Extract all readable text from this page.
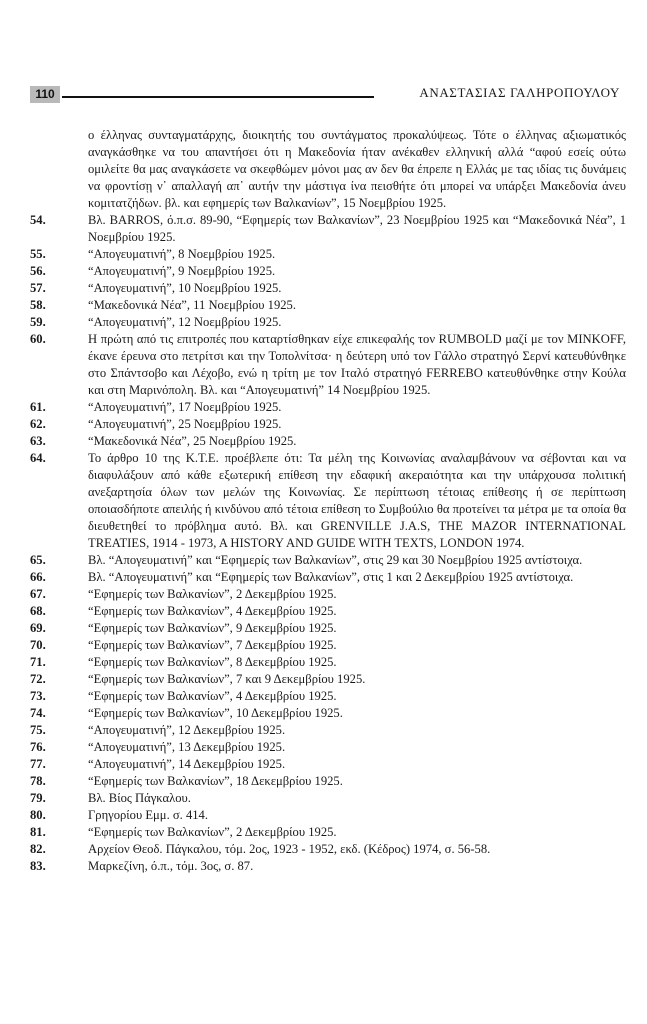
110	ΑΝΑΣΤΑΣΙΑΣ ΓΑΛΗΡΟΠΟΥΛΟΥ
ο έλληνας συνταγματάρχης, διοικητής του συντάγματος προκαλύψεως. Τότε ο έλληνας αξιωματικός αναγκάσθηκε να του απαντήσει ότι η Μακεδονία ήταν ανέκαθεν ελληνική αλλά “αφού εσείς ούτω ομιλείτε θα μας αναγκάσετε να σκεφθώμεν μόνοι μας αν δεν θα έπρεπε η Ελλάς με τας ιδίας τις δυνάμεις να φροντίσῃ ν᾽ απαλλαγή απ᾽ αυτήν την μάστιγα ίνα πεισθήτε ότι μπορεί να υπάρξει Μακεδονία άνευ κομιτατζήδων. βλ. και εφημερίς των Βαλκανίων”, 15 Νοεμβρίου 1925.
54.	Βλ. BARROS, ό.π.σ. 89-90, “Εφημερίς των Βαλκανίων”, 23 Νοεμβρίου 1925 και “Μακεδονικά Νέα”, 1 Νοεμβρίου 1925.
55.	“Απογευματινή”, 8 Νοεμβρίου 1925.
56.	“Απογευματινή”, 9 Νοεμβρίου 1925.
57.	“Απογευματινή”, 10 Νοεμβρίου 1925.
58.	“Μακεδονικά Νέα”, 11 Νοεμβρίου 1925.
59.	“Απογευματινή”, 12 Νοεμβρίου 1925.
60.	Η πρώτη από τις επιτροπές που καταρτίσθηκαν είχε επικεφαλής τον RUMBOLD μαζί με τον MINKOFF, έκανε έρευνα στο πετρίτσι και την Τοπολνίτσα· η δεύτερη υπό τον Γάλλο στρατηγό Σερνί κατευθύνθηκε στο Σπάντσοβο και Λέχοβο, ενώ η τρίτη με τον Ιταλό στρατηγό FERREBO κατευθύνθηκε στην Κούλα και στη Μαρινόπολη. Βλ. και “Απογευματινή” 14 Νοεμβρίου 1925.
61.	“Απογευματινή”, 17 Νοεμβρίου 1925.
62.	“Απογευματινή”, 25 Νοεμβρίου 1925.
63.	“Μακεδονικά Νέα”, 25 Νοεμβρίου 1925.
64.	Το άρθρο 10 της Κ.Τ.Ε. προέβλεπε ότι: Τα μέλη της Κοινωνίας αναλαμβάνουν να σέβονται και να διαφυλάξουν από κάθε εξωτερική επίθεση την εδαφική ακεραιότητα και την υπάρχουσα πολιτική ανεξαρτησία όλων των μελών της Κοινωνίας. Σε περίπτωση τέτοιας επίθεσης ή σε περίπτωση οποιασδήποτε απειλής ή κινδύνου από τέτοια επίθεση το Συμβούλιο θα προτείνει τα μέτρα με τα οποία θα διευθετηθεί το πρόβλημα αυτό. Βλ. και GRENVILLE J.A.S, THE MAZOR INTERNATIONAL TREATIES, 1914 - 1973, A HISTORY AND GUIDE WITH TEXTS, LONDON 1974.
65.	Βλ. “Απογευματινή” και “Εφημερίς των Βαλκανίων”, στις 29 και 30 Νοεμβρίου 1925 αντίστοιχα.
66.	Βλ. “Απογευματινή” και “Εφημερίς των Βαλκανίων”, στις 1 και 2 Δεκεμβρίου 1925 αντίστοιχα.
67.	“Εφημερίς των Βαλκανίων”, 2 Δεκεμβρίου 1925.
68.	“Εφημερίς των Βαλκανίων”, 4 Δεκεμβρίου 1925.
69.	“Εφημερίς των Βαλκανίων”, 9 Δεκεμβρίου 1925.
70.	“Εφημερίς των Βαλκανίων”, 7 Δεκεμβρίου 1925.
71.	“Εφημερίς των Βαλκανίων”, 8 Δεκεμβρίου 1925.
72.	“Εφημερίς των Βαλκανίων”, 7 και 9 Δεκεμβρίου 1925.
73.	“Εφημερίς των Βαλκανίων”, 4 Δεκεμβρίου 1925.
74.	“Εφημερίς των Βαλκανίων”, 10 Δεκεμβρίου 1925.
75.	“Απογευματινή”, 12 Δεκεμβρίου 1925.
76.	“Απογευματινή”, 13 Δεκεμβρίου 1925.
77.	“Απογευματινή”, 14 Δεκεμβρίου 1925.
78.	“Εφημερίς των Βαλκανίων”, 18 Δεκεμβρίου 1925.
79.	Βλ. Βίος Πάγκαλου.
80.	Γρηγορίου Εμμ. σ. 414.
81.	“Εφημερίς των Βαλκανίων”, 2 Δεκεμβρίου 1925.
82.	Αρχείον Θεοδ. Πάγκαλου, τόμ. 2ος, 1923 - 1952, εκδ. (Κέδρος) 1974, σ. 56-58.
83.	Μαρκεζίνη, ό.π., τόμ. 3ος, σ. 87.
